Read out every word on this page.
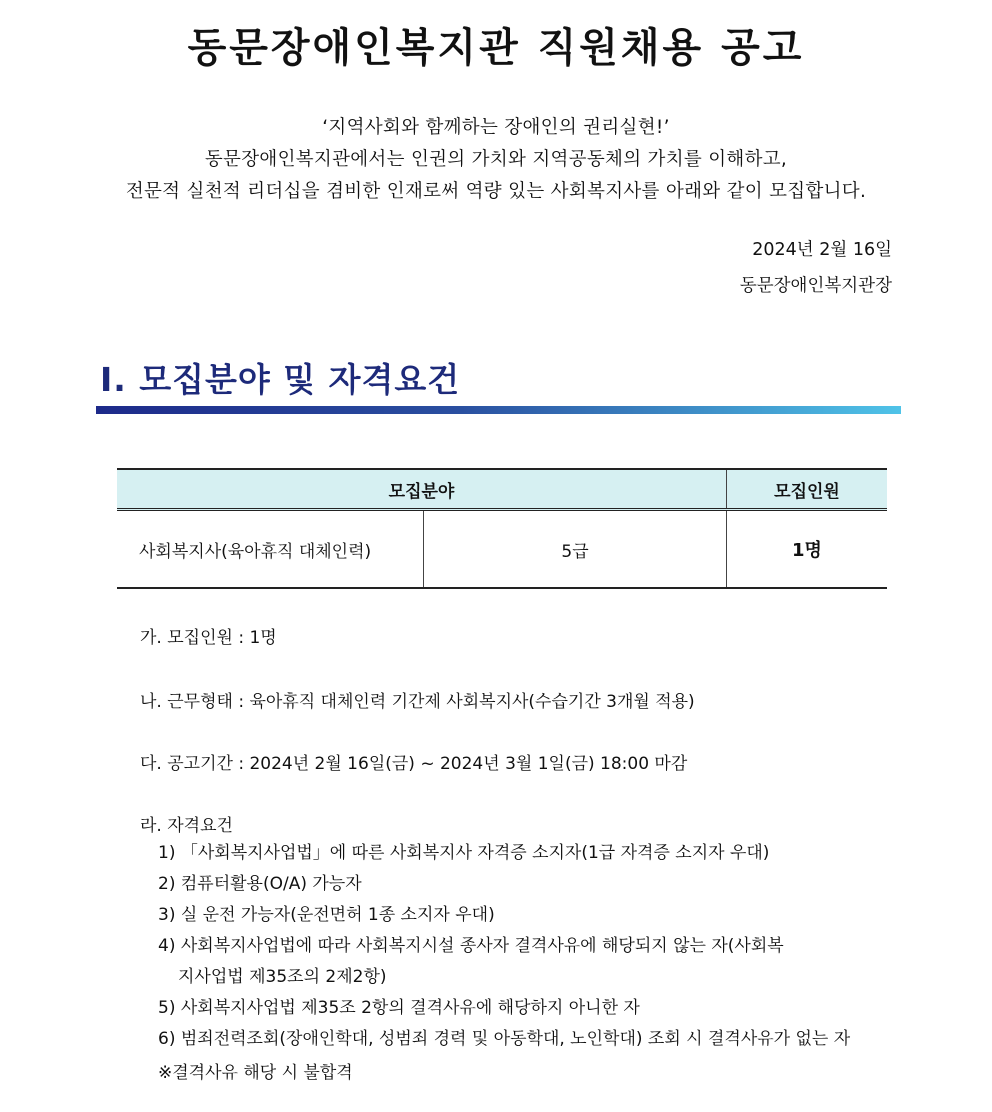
동문장애인복지관 직원채용 공고
‘지역사회와 함께하는 장애인의 권리실현!’
동문장애인복지관에서는 인권의 가치와 지역공동체의 가치를 이해하고,
전문적 실천적 리더십을 겸비한 인재로써 역량 있는 사회복지사를 아래와 같이 모집합니다.
2024년 2월 16일
동문장애인복지관장
Ⅰ. 모집분야 및 자격요건
모집분야		모집인원
사회복지사(육아휴직 대체인력)	5급	1명
가. 모집인원 : 1명
나. 근무형태 : 육아휴직 대체인력 기간제 사회복지사(수습기간 3개월 적용)
다. 공고기간 : 2024년 2월 16일(금) ~ 2024년 3월 1일(금) 18:00 마감
라. 자격요건
1) 「사회복지사업법」에 따른 사회복지사 자격증 소지자(1급 자격증 소지자 우대)
2) 컴퓨터활용(O/A) 가능자
3) 실 운전 가능자(운전면허 1종 소지자 우대)
4) 사회복지사업법에 따라 사회복지시설 종사자 결격사유에 해당되지 않는 자(사회복
지사업법 제35조의 2제2항)
5) 사회복지사업법 제35조 2항의 결격사유에 해당하지 아니한 자
6) 범죄전력조회(장애인학대, 성범죄 경력 및 아동학대, 노인학대) 조회 시 결격사유가 없는 자
※결격사유 해당 시 불합격
